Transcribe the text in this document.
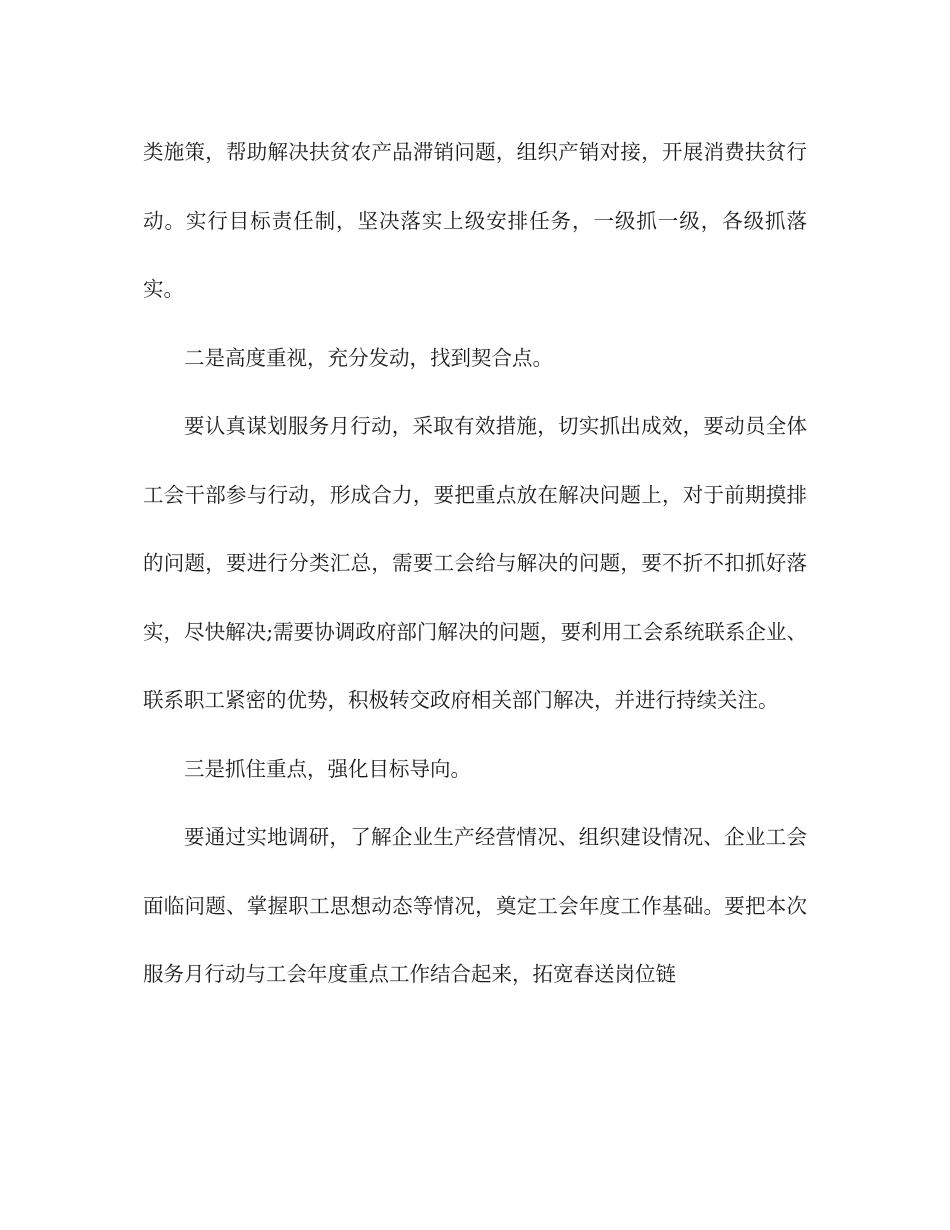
类施策，帮助解决扶贫农产品滞销问题，组织产销对接，开展消费扶贫行动。实行目标责任制，坚决落实上级安排任务，一级抓一级，各级抓落实。

二是高度重视，充分发动，找到契合点。

要认真谋划服务月行动，采取有效措施，切实抓出成效，要动员全体工会干部参与行动，形成合力，要把重点放在解决问题上，对于前期摸排的问题，要进行分类汇总，需要工会给与解决的问题，要不折不扣抓好落实，尽快解决;需要协调政府部门解决的问题，要利用工会系统联系企业、联系职工紧密的优势，积极转交政府相关部门解决，并进行持续关注。

三是抓住重点，强化目标导向。

要通过实地调研，了解企业生产经营情况、组织建设情况、企业工会面临问题、掌握职工思想动态等情况，奠定工会年度工作基础。要把本次服务月行动与工会年度重点工作结合起来，拓宽春送岗位链
